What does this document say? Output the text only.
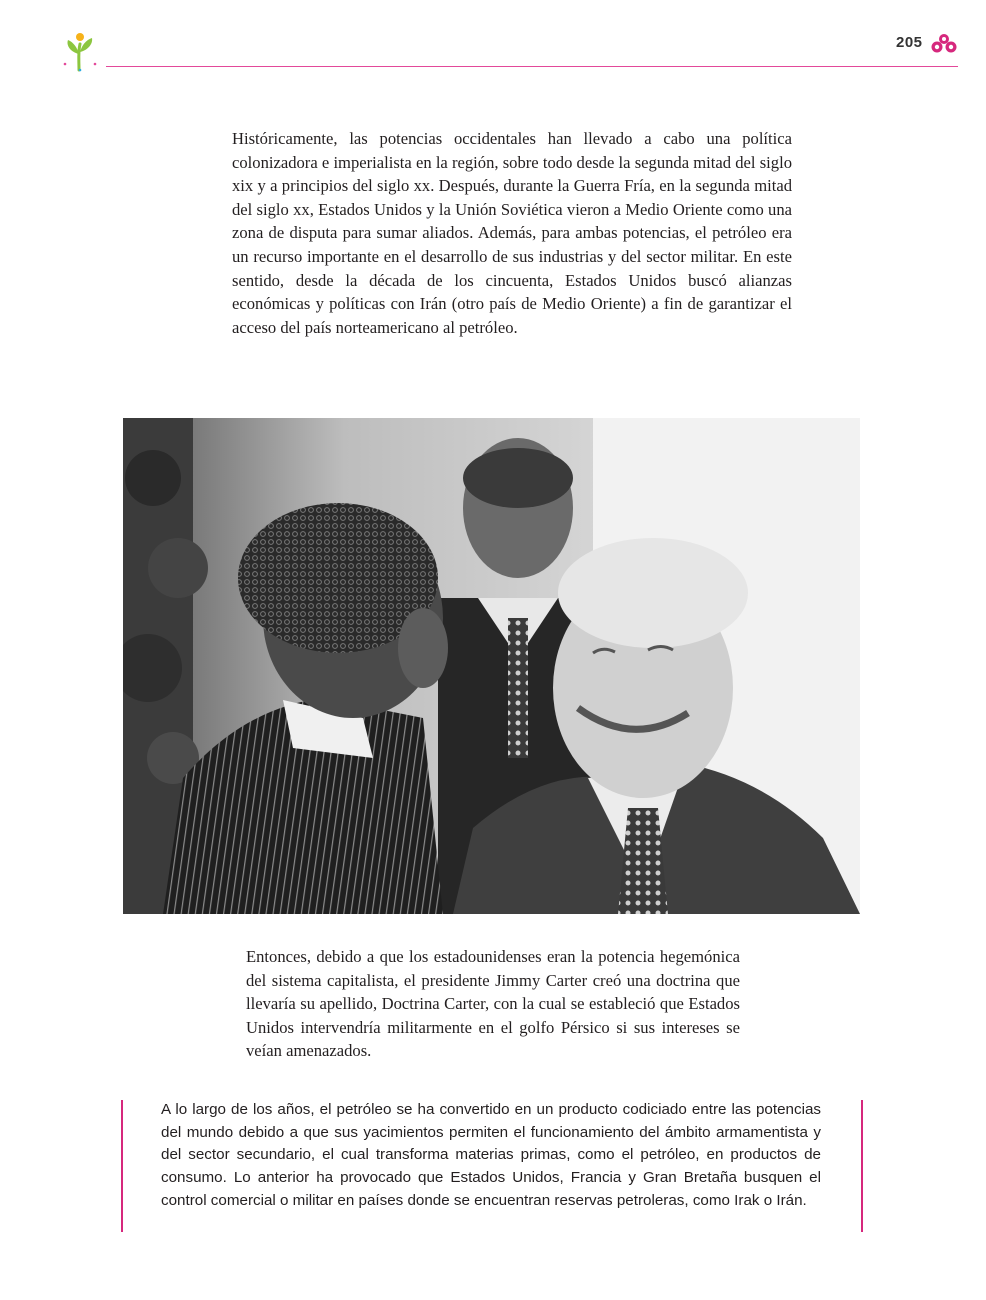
205

Históricamente, las potencias occidentales han llevado a cabo una política colonizadora e imperialista en la región, sobre todo desde la segunda mitad del siglo xix y a principios del siglo xx. Después, durante la Guerra Fría, en la segunda mitad del siglo xx, Estados Unidos y la Unión Soviética vieron a Medio Oriente como una zona de disputa para sumar aliados. Además, para ambas potencias, el petróleo era un recurso importante en el desarrollo de sus industrias y del sector militar. En este sentido, desde la década de los cincuenta, Estados Unidos buscó alianzas económicas y políticas con Irán (otro país de Medio Oriente) a fin de garantizar el acceso del país norteamericano al petróleo.

Entonces, debido a que los estadounidenses eran la potencia hegemónica del sistema capitalista, el presidente Jimmy Carter creó una doctrina que llevaría su apellido, Doctrina Carter, con la cual se estableció que Estados Unidos intervendría militarmente en el golfo Pérsico si sus intereses se veían amenazados.

A lo largo de los años, el petróleo se ha convertido en un producto codiciado entre las potencias del mundo debido a que sus yacimientos permiten el funcionamiento del ámbito armamentista y del sector secundario, el cual transforma materias primas, como el petróleo, en productos de consumo. Lo anterior ha provocado que Estados Unidos, Francia y Gran Bretaña busquen el control comercial o militar en países donde se encuentran reservas petroleras, como Irak o Irán.
